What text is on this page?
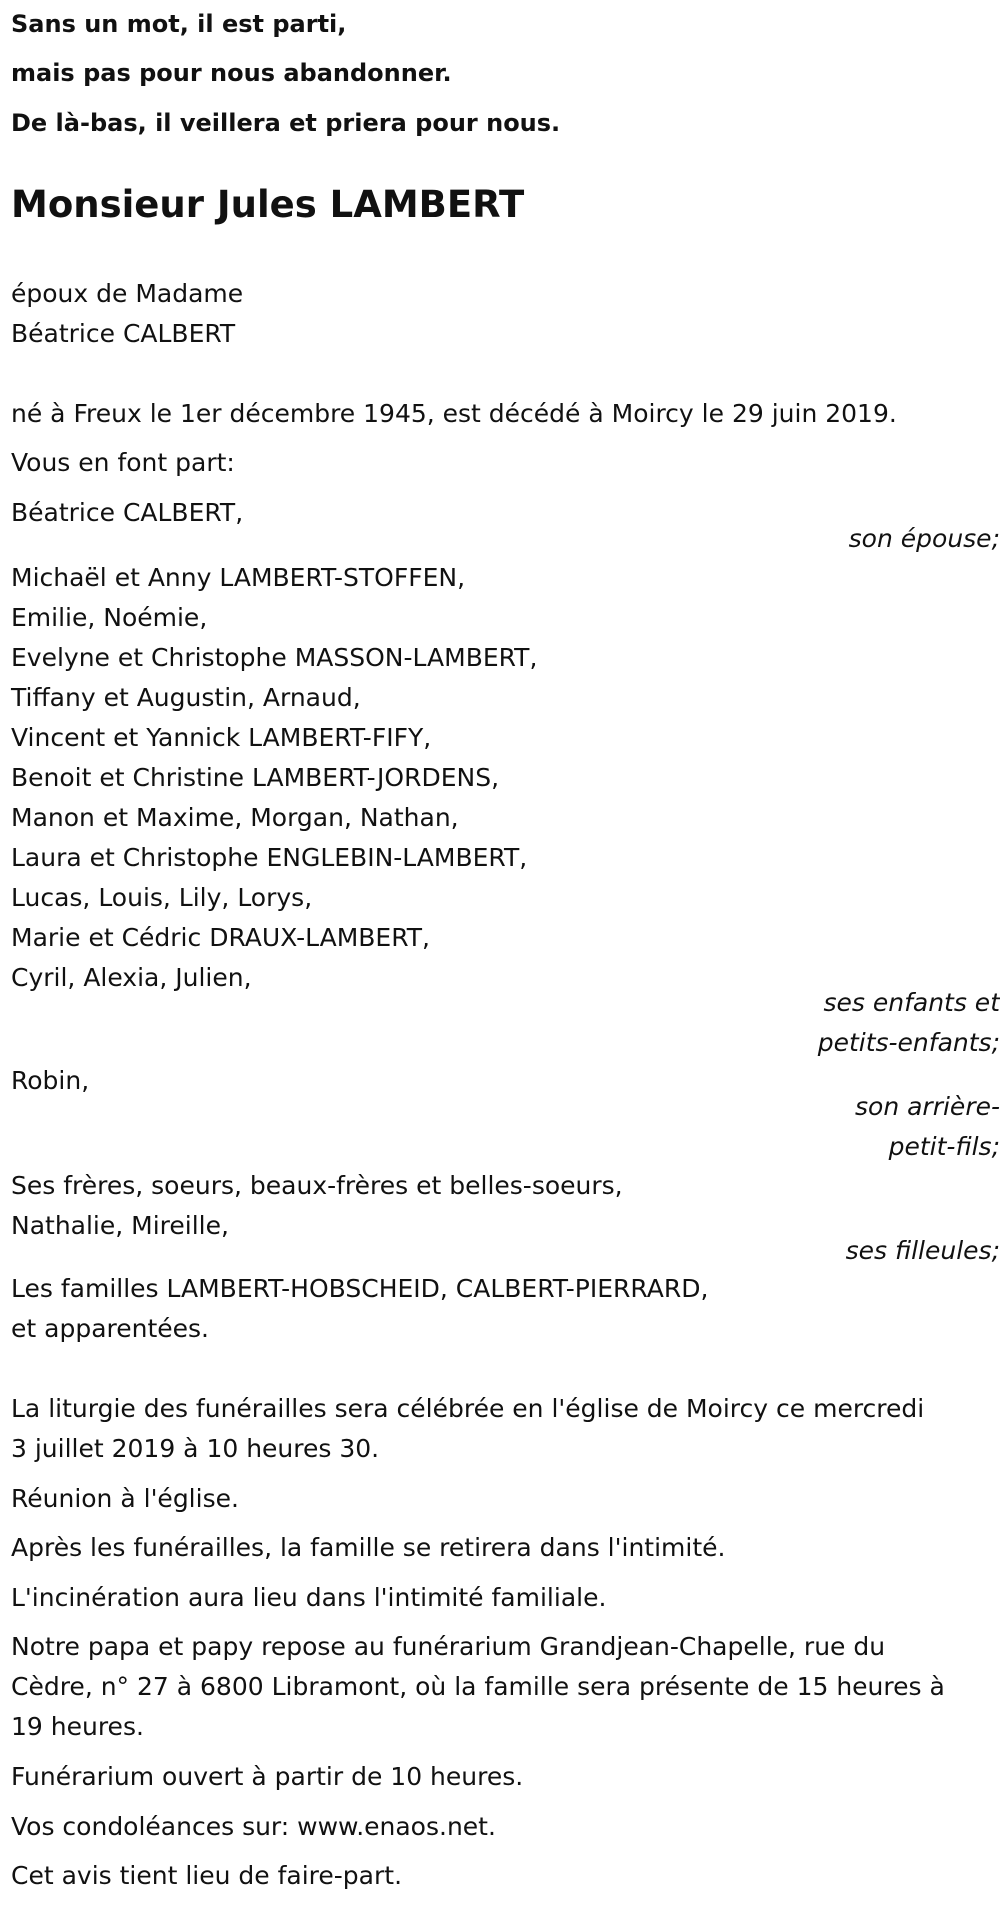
Sans un mot, il est parti,
mais pas pour nous abandonner.
De là-bas, il veillera et priera pour nous.
Monsieur Jules LAMBERT
époux de Madame
Béatrice CALBERT
né à Freux le 1er décembre 1945, est décédé à Moircy le 29 juin 2019.
Vous en font part:
Béatrice CALBERT,
son épouse;
Michaël et Anny LAMBERT-STOFFEN,
Emilie, Noémie,
Evelyne et Christophe MASSON-LAMBERT,
Tiffany et Augustin, Arnaud,
Vincent et Yannick LAMBERT-FIFY,
Benoit et Christine LAMBERT-JORDENS,
Manon et Maxime, Morgan, Nathan,
Laura et Christophe ENGLEBIN-LAMBERT,
Lucas, Louis, Lily, Lorys,
Marie et Cédric DRAUX-LAMBERT,
Cyril, Alexia, Julien,
ses enfants et
petits-enfants;
Robin,
son arrière-
petit-fils;
Ses frères, soeurs, beaux-frères et belles-soeurs,
Nathalie, Mireille,
ses filleules;
Les familles LAMBERT-HOBSCHEID, CALBERT-PIERRARD,
et apparentées.
La liturgie des funérailles sera célébrée en l'église de Moircy ce mercredi
3 juillet 2019 à 10 heures 30.
Réunion à l'église.
Après les funérailles, la famille se retirera dans l'intimité.
L'incinération aura lieu dans l'intimité familiale.
Notre papa et papy repose au funérarium Grandjean-Chapelle, rue du
Cèdre, n° 27 à 6800 Libramont, où la famille sera présente de 15 heures à
19 heures.
Funérarium ouvert à partir de 10 heures.
Vos condoléances sur: www.enaos.net.
Cet avis tient lieu de faire-part.
